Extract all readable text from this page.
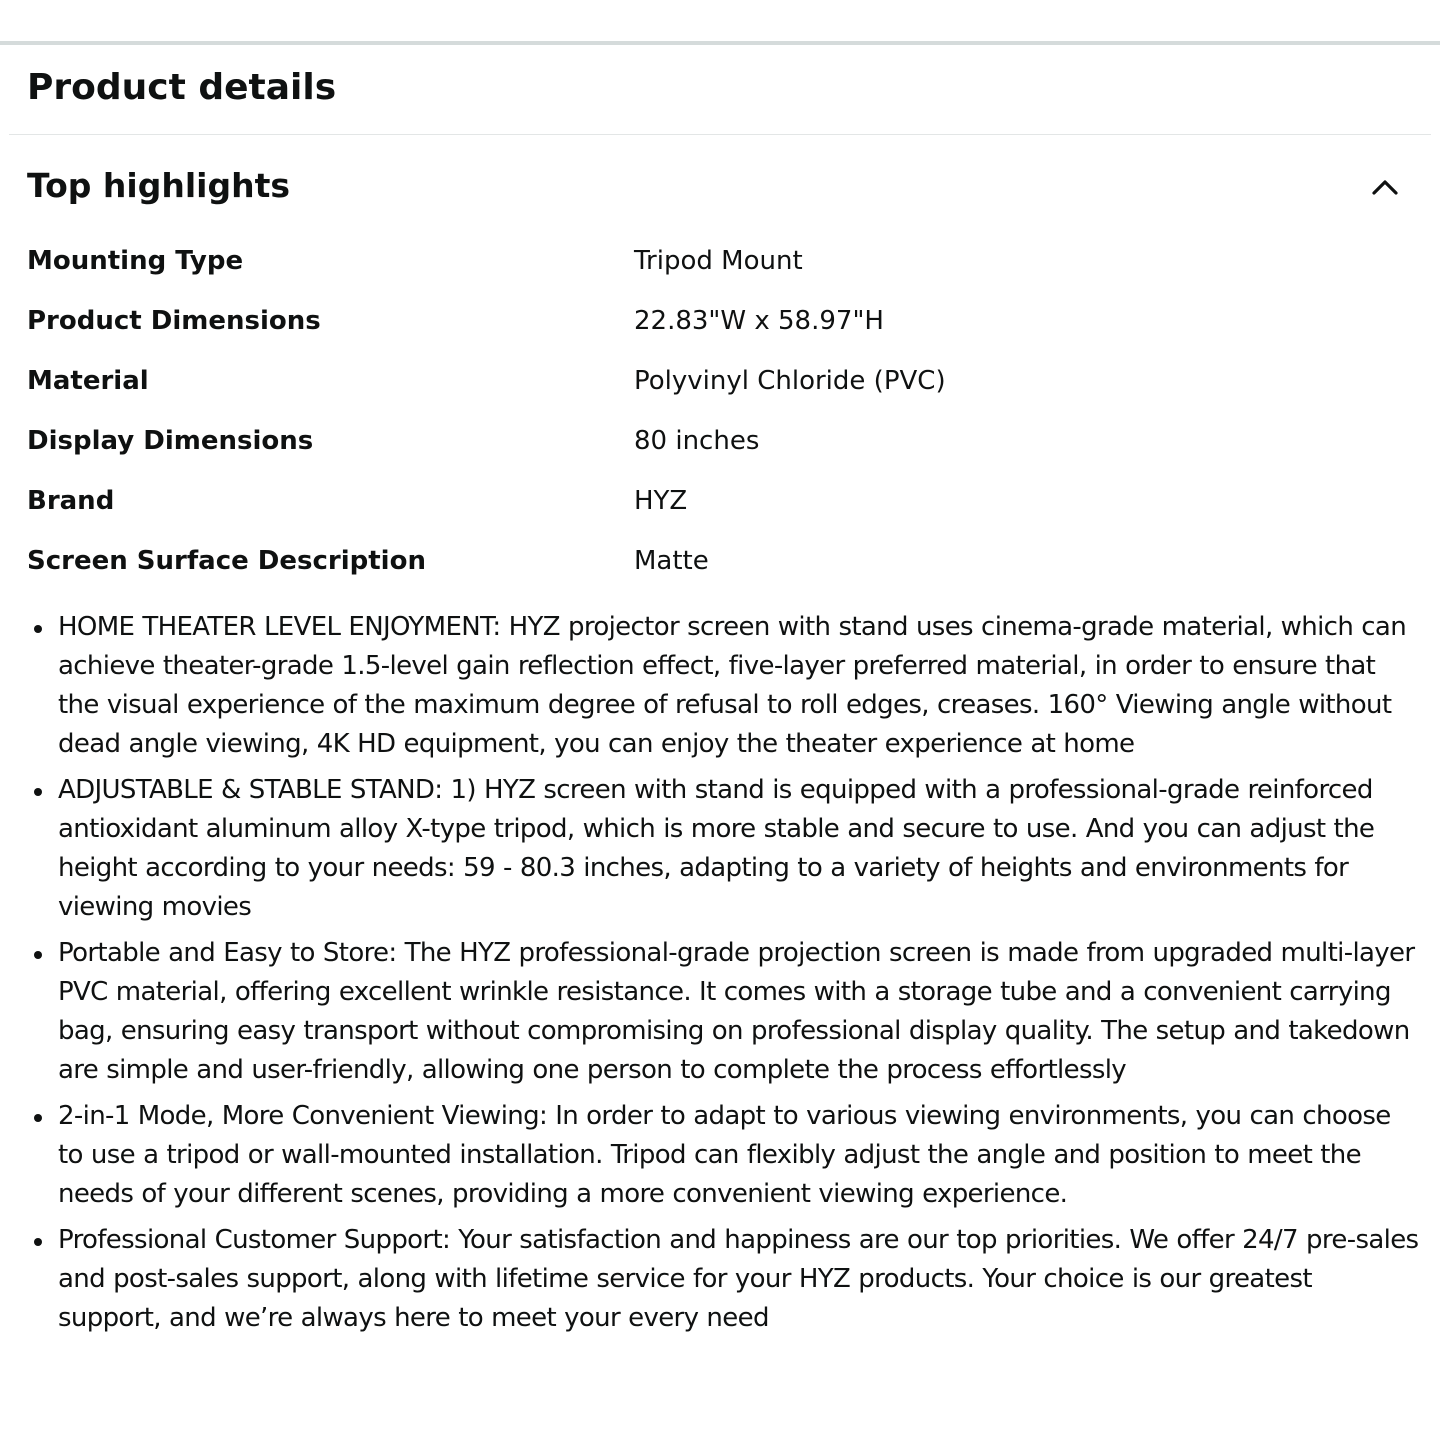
Product details
Top highlights
Mounting Type	Tripod Mount
Product Dimensions	22.83"W x 58.97"H
Material	Polyvinyl Chloride (PVC)
Display Dimensions	80 inches
Brand	HYZ
Screen Surface Description	Matte
HOME THEATER LEVEL ENJOYMENT: HYZ projector screen with stand uses cinema-grade material, which can achieve theater-grade 1.5-level gain reflection effect, five-layer preferred material, in order to ensure that the visual experience of the maximum degree of refusal to roll edges, creases. 160° Viewing angle without dead angle viewing, 4K HD equipment, you can enjoy the theater experience at home
ADJUSTABLE & STABLE STAND: 1) HYZ screen with stand is equipped with a professional-grade reinforced antioxidant aluminum alloy X-type tripod, which is more stable and secure to use. And you can adjust the height according to your needs: 59 - 80.3 inches, adapting to a variety of heights and environments for viewing movies
Portable and Easy to Store: The HYZ professional-grade projection screen is made from upgraded multi-layer PVC material, offering excellent wrinkle resistance. It comes with a storage tube and a convenient carrying bag, ensuring easy transport without compromising on professional display quality. The setup and takedown are simple and user-friendly, allowing one person to complete the process effortlessly
2-in-1 Mode, More Convenient Viewing: In order to adapt to various viewing environments, you can choose to use a tripod or wall-mounted installation. Tripod can flexibly adjust the angle and position to meet the needs of your different scenes, providing a more convenient viewing experience.
Professional Customer Support: Your satisfaction and happiness are our top priorities. We offer 24/7 pre-sales and post-sales support, along with lifetime service for your HYZ products. Your choice is our greatest support, and we’re always here to meet your every need
